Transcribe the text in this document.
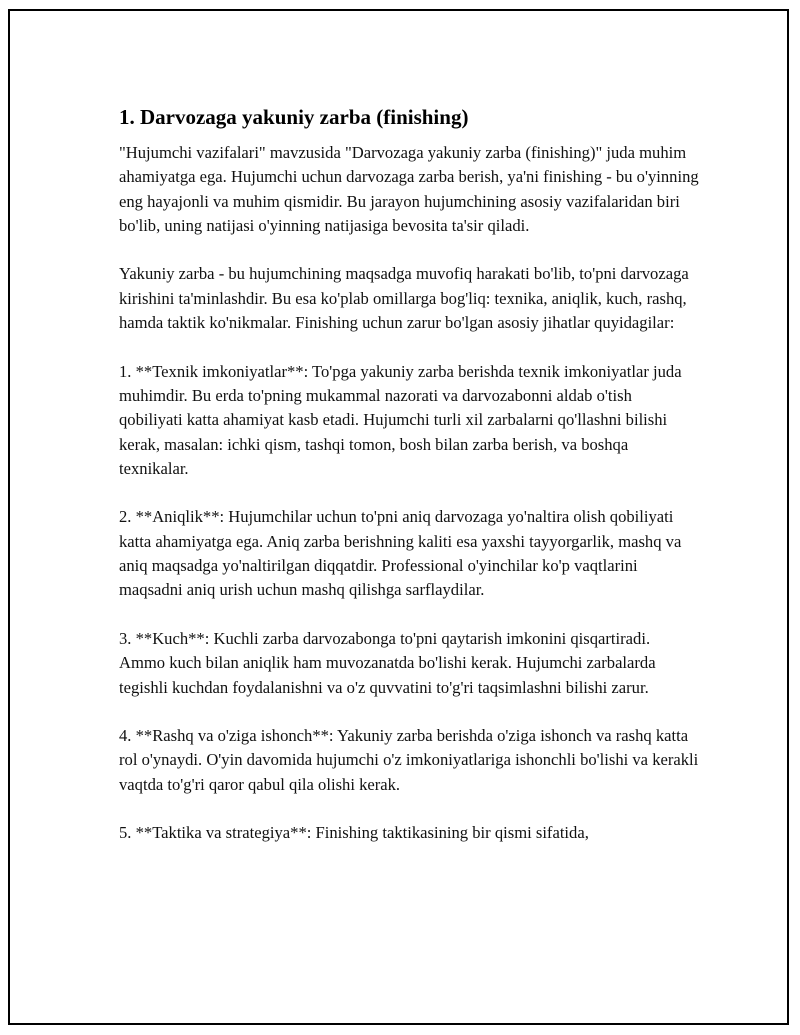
1. Darvozaga yakuniy zarba (finishing)

"Hujumchi vazifalari" mavzusida "Darvozaga yakuniy zarba (finishing)" juda muhim ahamiyatga ega. Hujumchi uchun darvozaga zarba berish, ya'ni finishing - bu o'yinning eng hayajonli va muhim qismidir. Bu jarayon hujumchining asosiy vazifalaridan biri bo'lib, uning natijasi o'yinning natijasiga bevosita ta'sir qiladi.

Yakuniy zarba - bu hujumchining maqsadga muvofiq harakati bo'lib, to'pni darvozaga kirishini ta'minlashdir. Bu esa ko'plab omillarga bog'liq: texnika, aniqlik, kuch, rashq, hamda taktik ko'nikmalar. Finishing uchun zarur bo'lgan asosiy jihatlar quyidagilar:

1. **Texnik imkoniyatlar**: To'pga yakuniy zarba berishda texnik imkoniyatlar juda muhimdir. Bu erda to'pning mukammal nazorati va darvozabonni aldab o'tish qobiliyati katta ahamiyat kasb etadi. Hujumchi turli xil zarbalarni qo'llashni bilishi kerak, masalan: ichki qism, tashqi tomon, bosh bilan zarba berish, va boshqa texnikalar.

2. **Aniqlik**: Hujumchilar uchun to'pni aniq darvozaga yo'naltira olish qobiliyati katta ahamiyatga ega. Aniq zarba berishning kaliti esa yaxshi tayyorgarlik, mashq va aniq maqsadga yo'naltirilgan diqqatdir. Professional o'yinchilar ko'p vaqtlarini maqsadni aniq urish uchun mashq qilishga sarflaydilar.

3. **Kuch**: Kuchli zarba darvozabonga to'pni qaytarish imkonini qisqartiradi. Ammo kuch bilan aniqlik ham muvozanatda bo'lishi kerak. Hujumchi zarbalarda tegishli kuchdan foydalanishni va o'z quvvatini to'g'ri taqsimlashni bilishi zarur.

4. **Rashq va o'ziga ishonch**: Yakuniy zarba berishda o'ziga ishonch va rashq katta rol o'ynaydi. O'yin davomida hujumchi o'z imkoniyatlariga ishonchli bo'lishi va kerakli vaqtda to'g'ri qaror qabul qila olishi kerak.

5. **Taktika va strategiya**: Finishing taktikasining bir qismi sifatida,
